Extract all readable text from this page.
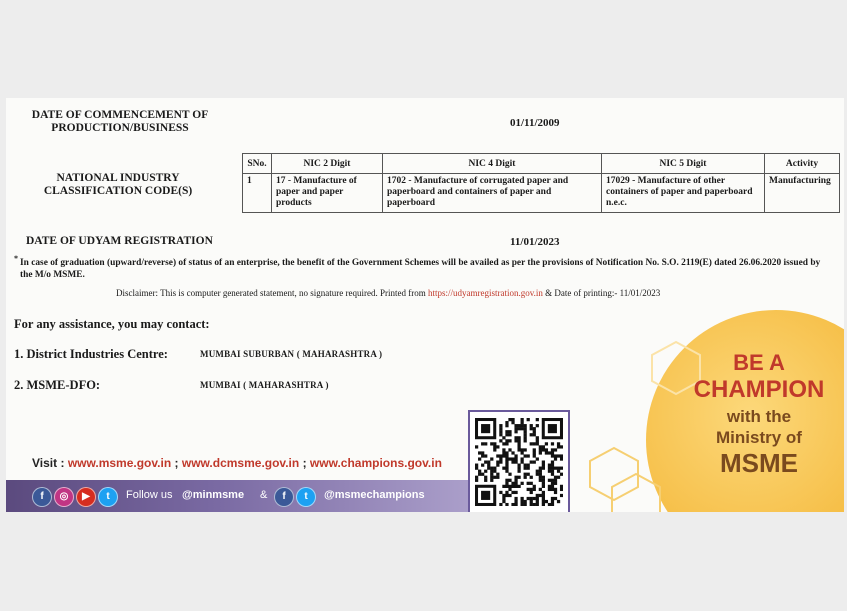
DATE OF COMMENCEMENT OF PRODUCTION/BUSINESS	01/11/2009
NATIONAL INDUSTRY CLASSIFICATION CODE(S)
SNo.	NIC 2 Digit	NIC 4 Digit	NIC 5 Digit	Activity
1	17 - Manufacture of paper and paper products	1702 - Manufacture of corrugated paper and paperboard and containers of paper and paperboard	17029 - Manufacture of other containers of paper and paperboard n.e.c.	Manufacturing
DATE OF UDYAM REGISTRATION	11/01/2023
* In case of graduation (upward/reverse) of status of an enterprise, the benefit of the Government Schemes will be availed as per the provisions of Notification No. S.O. 2119(E) dated 26.06.2020 issued by the M/o MSME.
Disclaimer: This is computer generated statement, no signature required. Printed from https://udyamregistration.gov.in & Date of printing:- 11/01/2023
For any assistance, you may contact:
1. District Industries Centre:	MUMBAI SUBURBAN ( MAHARASHTRA )
2. MSME-DFO:	MUMBAI ( MAHARASHTRA )
BE A
CHAMPION
with the
Ministry of
MSME
Visit : www.msme.gov.in ; www.dcmsme.gov.in ; www.champions.gov.in
f	◎	▶	t	Follow us @minmsme &	f	t	@msmechampions
